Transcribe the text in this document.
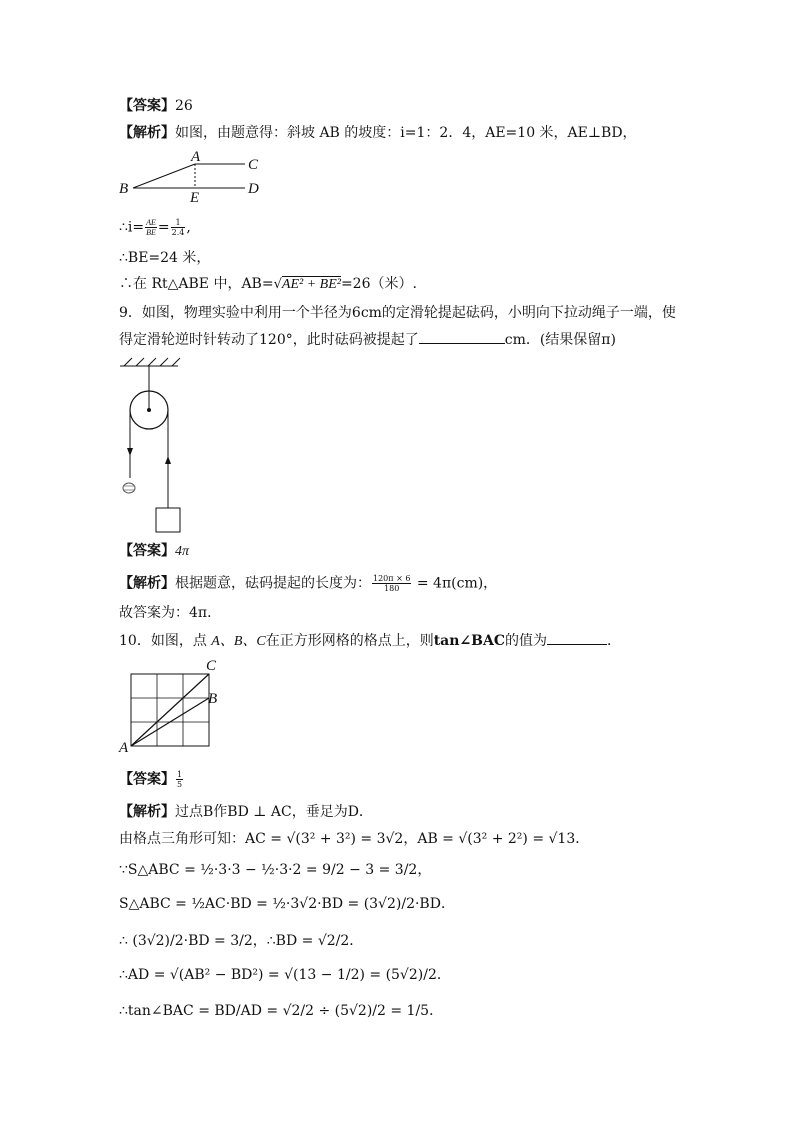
【答案】26
【解析】如图，由题意得：斜坡 AB 的坡度：i=1：2．4，AE=10 米，AE⊥BD，
A	C
B
E
D
∴i= $\frac{AE}{BE} = \frac{1}{2.4}$ ,
∴BE=24 米，
∴在 Rt△ABE 中，AB=√AE² + BE²=26（米）.
9．如图，物理实验中利用一个半径为6cm的定滑轮提起砝码，小明向下拉动绳子一端，使
得定滑轮逆时针转动了120°，此时砝码被提起了	cm．(结果保留π)
【答案】4π
【解析】根据题意，砝码提起的长度为： $\frac{120\pi \times 6}{180} = 4\pi(cm)$，
故答案为：4π．
10．如图，点 A、B、C在正方形网格的格点上，则tan∠BAC的值为	．
C
B
A
【答案】 $\frac{1}{5}$
【解析】过点B作BD ⊥ AC，垂足为D．
由格点三角形可知：AC = √(3² + 3²) = 3√2，AB = √(3² + 2²) = √13．
∵S△ABC = ½·3·3 − ½·3·2 = 9/2 − 3 = 3/2，
S△ABC = ½AC·BD = ½·3√2·BD = (3√2)/2·BD．
∴ (3√2)/2·BD = 3/2，∴BD = √2/2．
∴AD = √(AB² − BD²) = √(13 − 1/2) = (5√2)/2．
∴tan∠BAC = BD/AD = √2/2 ÷ (5√2)/2 = 1/5．
